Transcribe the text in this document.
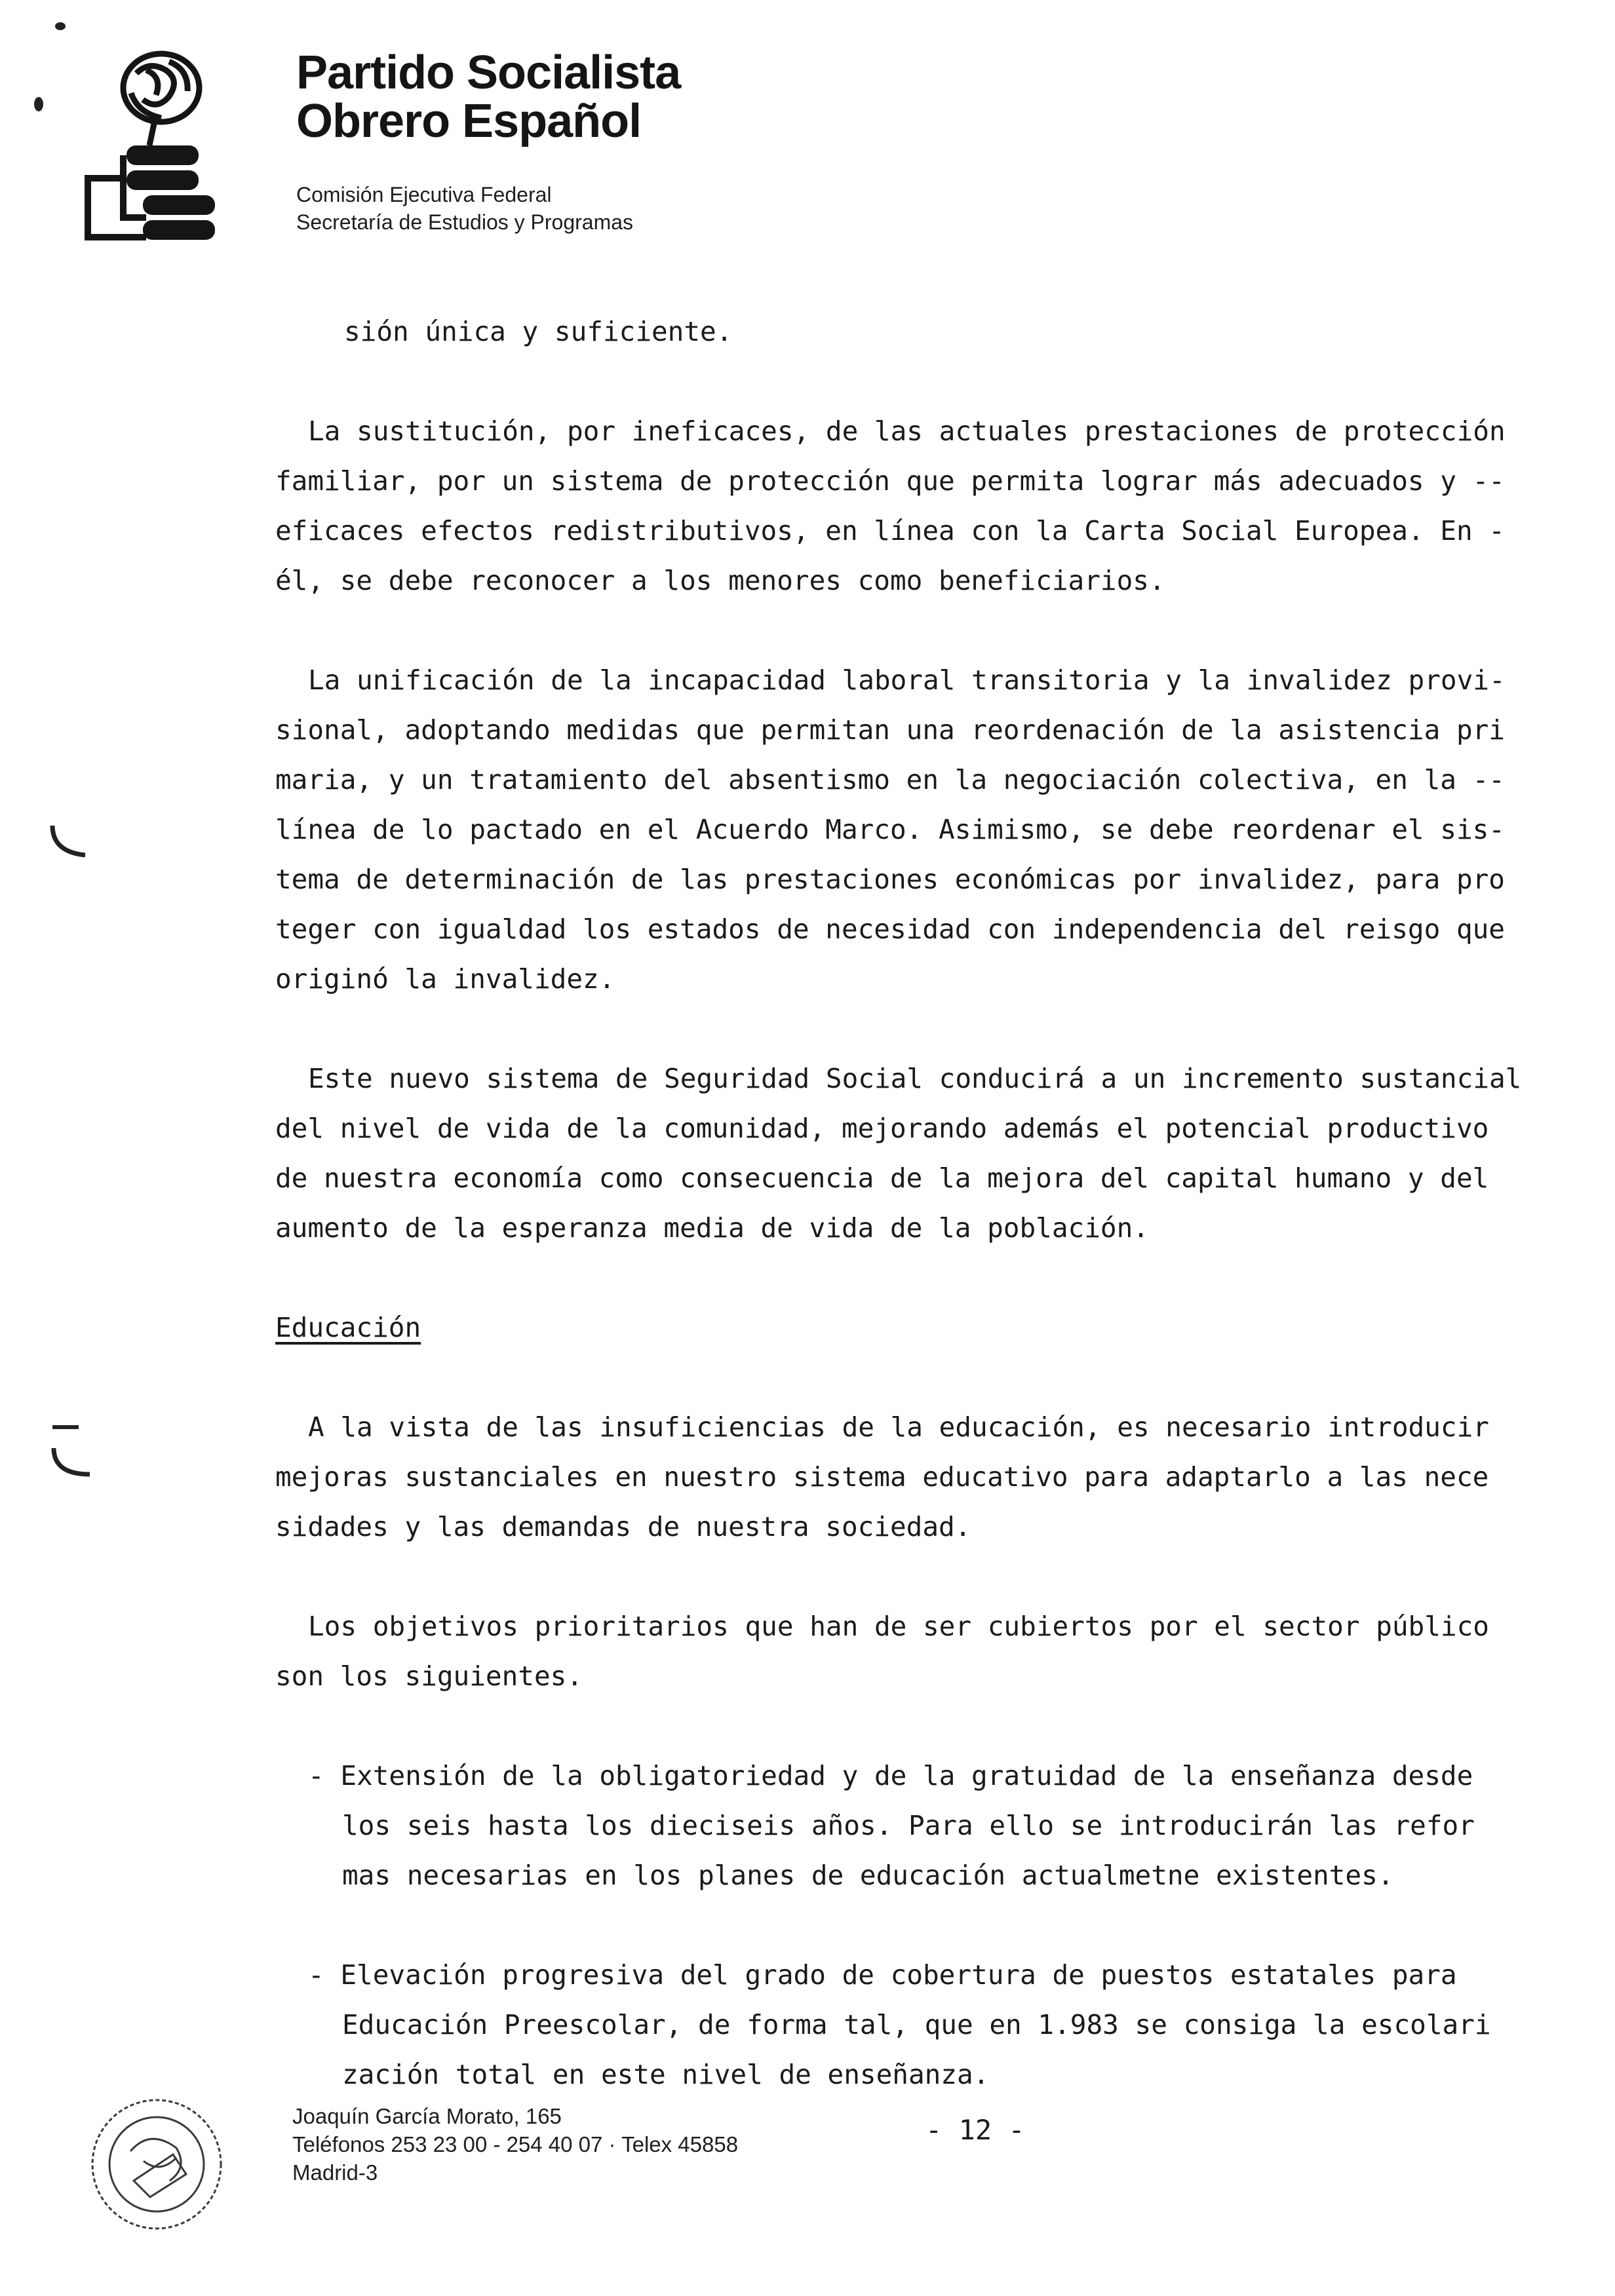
Partido Socialista
Obrero Español
Comisión Ejecutiva Federal
Secretaría de Estudios y Programas
sión única y suficiente.
La sustitución, por ineficaces, de las actuales prestaciones de protección
familiar, por un sistema de protección que permita lograr más adecuados y --
eficaces efectos redistributivos, en línea con la Carta Social Europea. En -
él, se debe reconocer a los menores como beneficiarios.
La unificación de la incapacidad laboral transitoria y la invalidez provi-
sional, adoptando medidas que permitan una reordenación de la asistencia pri
maria, y un tratamiento del absentismo en la negociación colectiva, en la --
línea de lo pactado en el Acuerdo Marco. Asimismo, se debe reordenar el sis-
tema de determinación de las prestaciones económicas por invalidez, para pro
teger con igualdad los estados de necesidad con independencia del reisgo que
originó la invalidez.
Este nuevo sistema de Seguridad Social conducirá a un incremento sustancial
del nivel de vida de la comunidad, mejorando además el potencial productivo
de nuestra economía como consecuencia de la mejora del capital humano y del
aumento de la esperanza media de vida de la población.
Educación
A la vista de las insuficiencias de la educación, es necesario introducir
mejoras sustanciales en nuestro sistema educativo para adaptarlo a las nece
sidades y las demandas de nuestra sociedad.
Los objetivos prioritarios que han de ser cubiertos por el sector público
son los siguientes.
- Extensión de la obligatoriedad y de la gratuidad de la enseñanza desde
los seis hasta los dieciseis años. Para ello se introducirán las refor
mas necesarias en los planes de educación actualmetne existentes.
- Elevación progresiva del grado de cobertura de puestos estatales para
Educación Preescolar, de forma tal, que en 1.983 se consiga la escolari
zación total en este nivel de enseñanza.
Joaquín García Morato, 165
Teléfonos 253 23 00 - 254 40 07 · Telex 45858
Madrid-3
- 12 -
